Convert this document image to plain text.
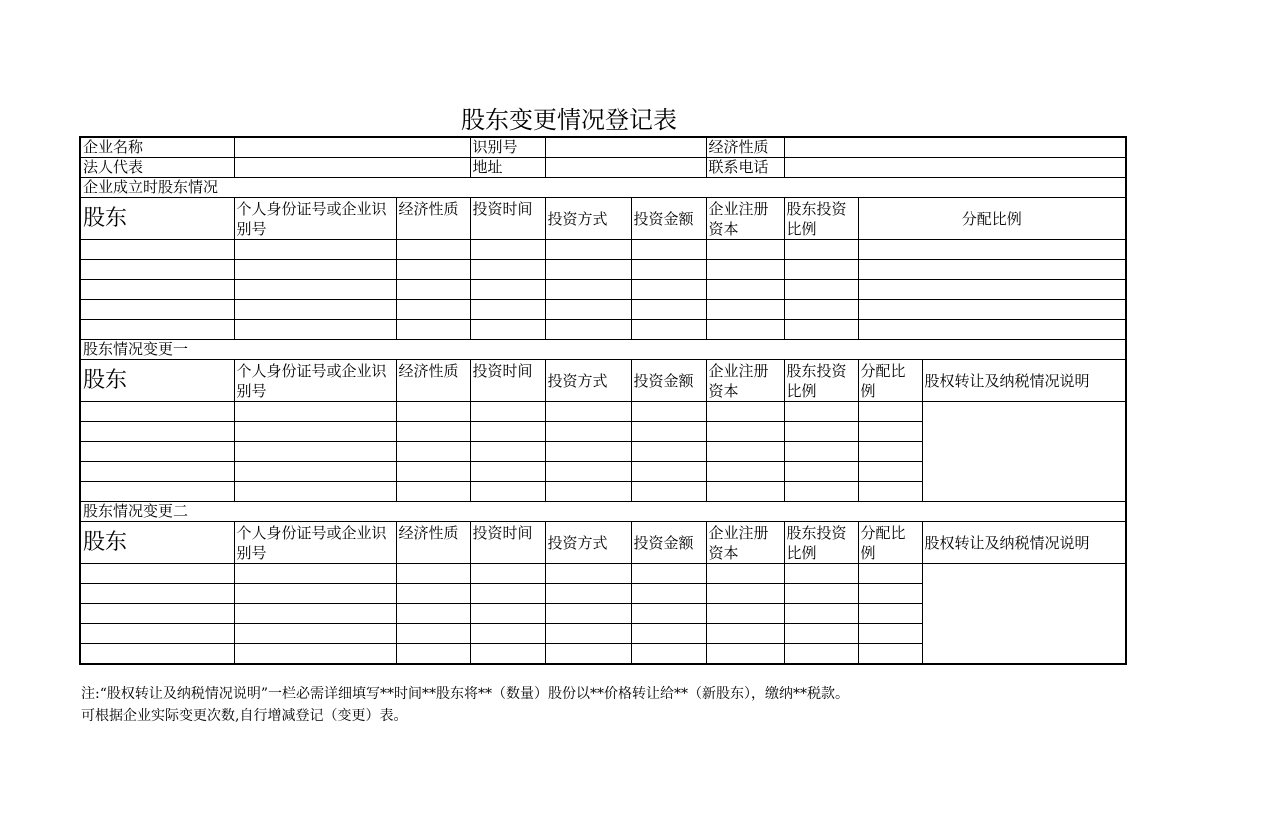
股东变更情况登记表
企业名称			识别号			经济性质			
法人代表			地址			联系电话			
企业成立时股东情况									
股东	个人身份证号或企业识别号	经济性质	投资时间	投资方式	投资金额	企业注册资本	股东投资比例	分配比例	

股东情况变更一									
股东	个人身份证号或企业识别号	经济性质	投资时间	投资方式	投资金额	企业注册资本	股东投资比例	分配比例	股权转让及纳税情况说明

股东情况变更二									
股东	个人身份证号或企业识别号	经济性质	投资时间	投资方式	投资金额	企业注册资本	股东投资比例	分配比例	股权转让及纳税情况说明

注:“股权转让及纳税情况说明”一栏必需详细填写**时间**股东将**（数量）股份以**价格转让给**（新股东），缴纳**税款。
可根据企业实际变更次数,自行增减登记（变更）表。
